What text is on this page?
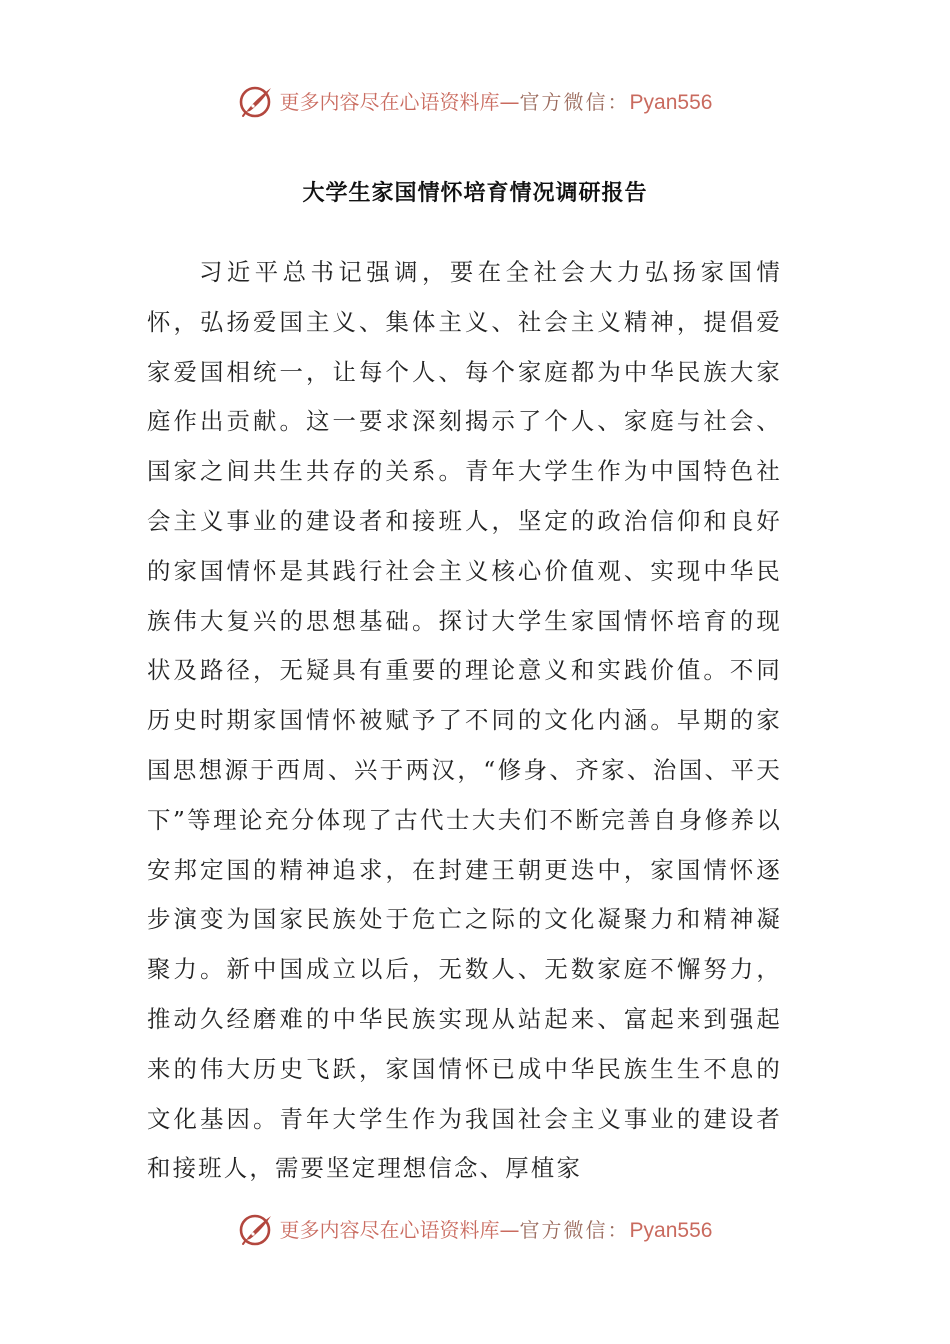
更多内容尽在心语资料库—官方微信：Pyan556
大学生家国情怀培育情况调研报告

习近平总书记强调，要在全社会大力弘扬家国情怀，弘扬爱国主义、集体主义、社会主义精神，提倡爱家爱国相统一，让每个人、每个家庭都为中华民族大家庭作出贡献。这一要求深刻揭示了个人、家庭与社会、国家之间共生共存的关系。青年大学生作为中国特色社会主义事业的建设者和接班人，坚定的政治信仰和良好的家国情怀是其践行社会主义核心价值观、实现中华民族伟大复兴的思想基础。探讨大学生家国情怀培育的现状及路径，无疑具有重要的理论意义和实践价值。不同历史时期家国情怀被赋予了不同的文化内涵。早期的家国思想源于西周、兴于两汉，“修身、齐家、治国、平天下”等理论充分体现了古代士大夫们不断完善自身修养以安邦定国的精神追求，在封建王朝更迭中，家国情怀逐步演变为国家民族处于危亡之际的文化凝聚力和精神凝聚力。新中国成立以后，无数人、无数家庭不懈努力，推动久经磨难的中华民族实现从站起来、富起来到强起来的伟大历史飞跃，家国情怀已成中华民族生生不息的文化基因。青年大学生作为我国社会主义事业的建设者和接班人，需要坚定理想信念、厚植家

更多内容尽在心语资料库—官方微信：Pyan556
